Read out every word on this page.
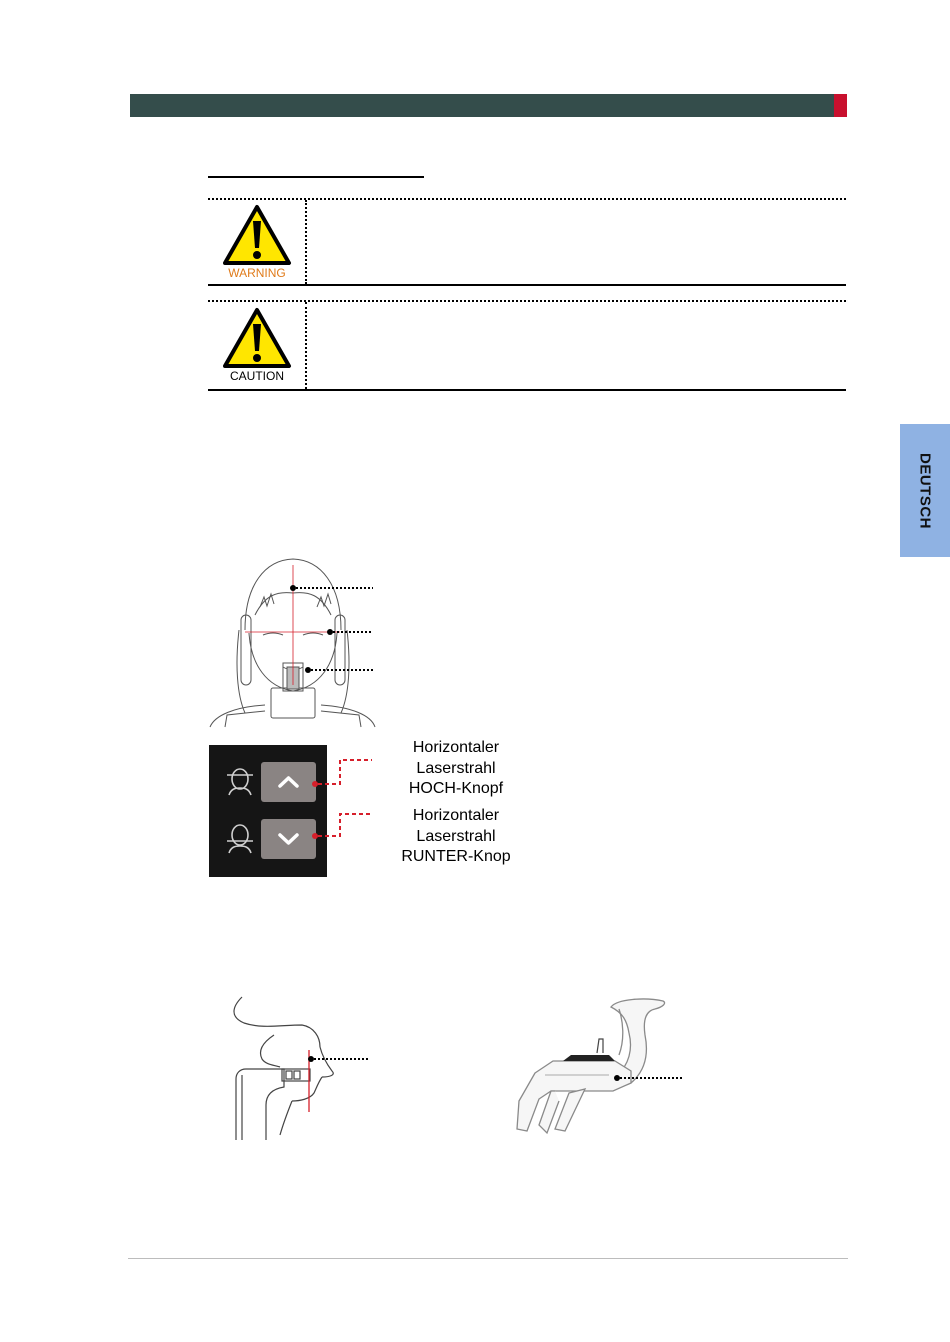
WARNING
CAUTION
DEUTSCH
Horizontaler
Laserstrahl
HOCH-Knopf
Horizontaler
Laserstrahl
RUNTER-Knop
